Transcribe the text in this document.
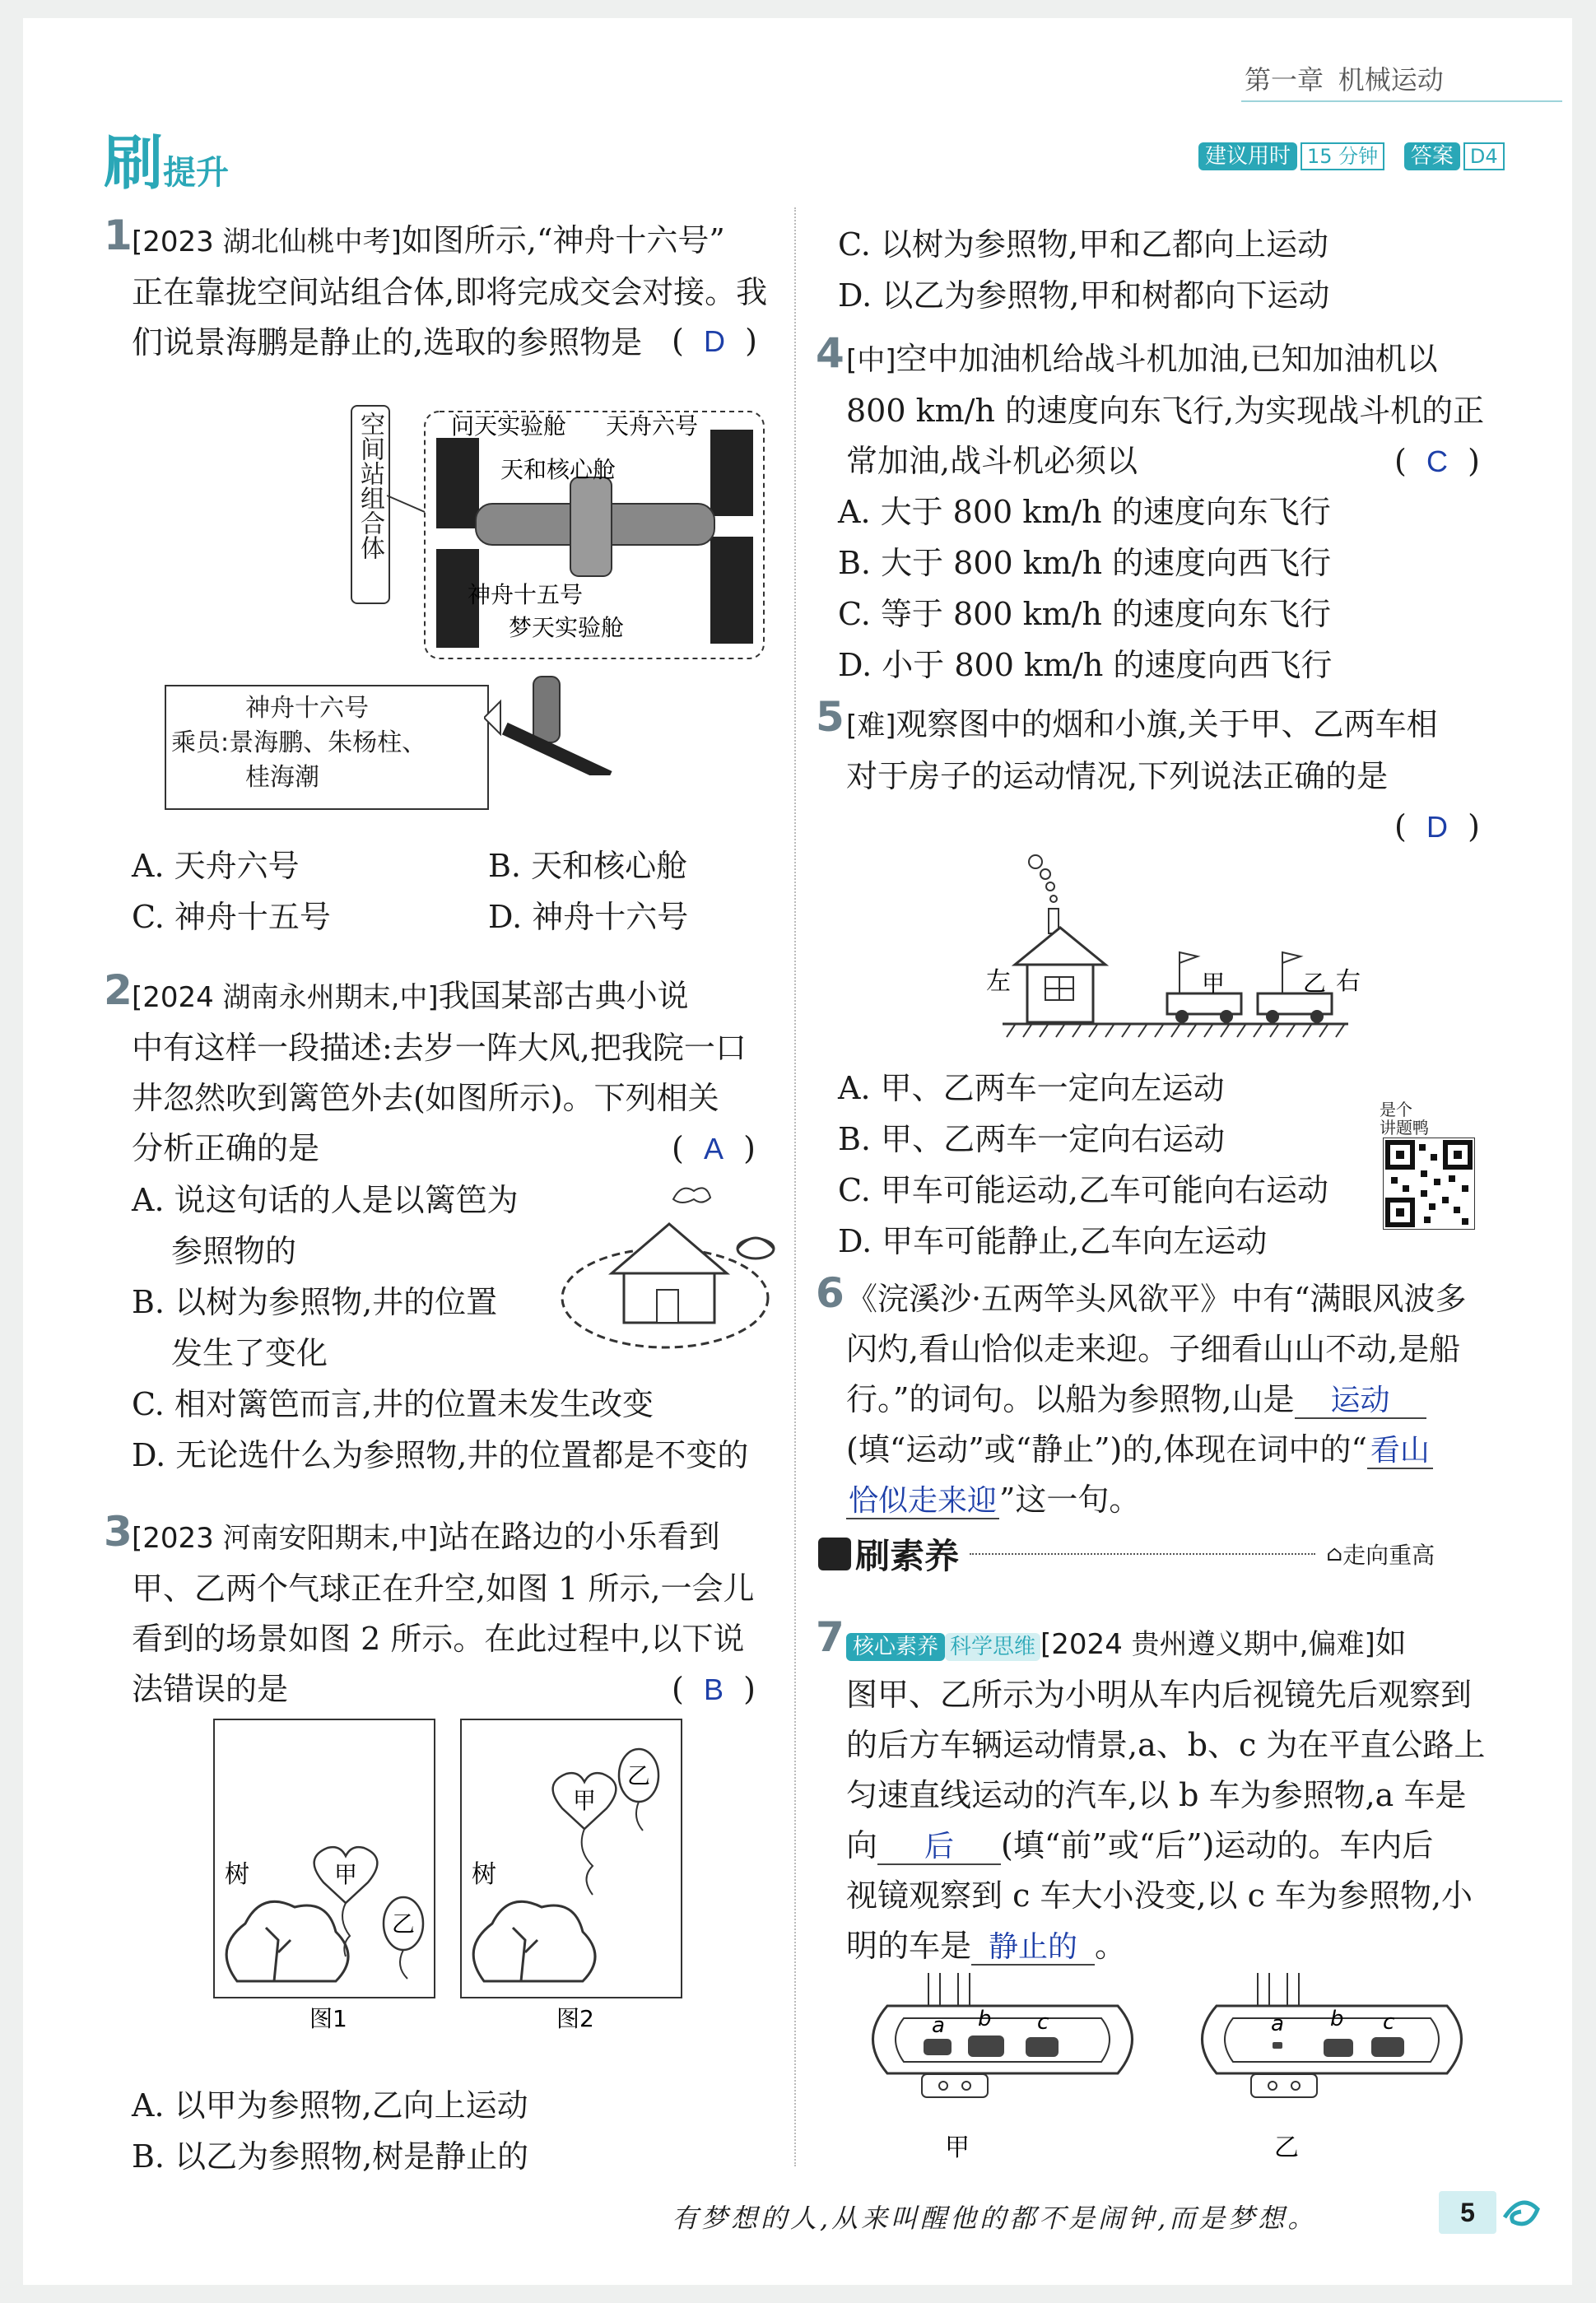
第一章 机械运动
刷提升	建议用时 15 分钟 答案 D4
1 [2023 湖北仙桃中考]如图所示,“神舟十六号”
正在靠拢空间站组合体,即将完成交会对接。我
们说景海鹏是静止的,选取的参照物是 (  D  )
空间站组合体	问天实验舱 天舟六号
天和核心舱
神舟十五号
梦天实验舱
神舟十六号
乘员:景海鹏、朱杨柱、
桂海潮
A. 天舟六号	B. 天和核心舱
C. 神舟十五号	D. 神舟十六号
2 [2024 湖南永州期末,中]我国某部古典小说
中有这样一段描述:去岁一阵大风,把我院一口
井忽然吹到篱笆外去(如图所示)。下列相关
分析正确的是	(  A  )
A. 说这句话的人是以篱笆为
参照物的
B. 以树为参照物,井的位置
发生了变化
C. 相对篱笆而言,井的位置未发生改变
D. 无论选什么为参照物,井的位置都是不变的
3 [2023 河南安阳期末,中]站在路边的小乐看到
甲、乙两个气球正在升空,如图 1 所示,一会儿
看到的场景如图 2 所示。在此过程中,以下说
法错误的是	(  B  )
树	甲
乙
树
甲
乙
图1	图2
A. 以甲为参照物,乙向上运动
B. 以乙为参照物,树是静止的
C. 以树为参照物,甲和乙都向上运动
D. 以乙为参照物,甲和树都向下运动
4 [中]空中加油机给战斗机加油,已知加油机以
800 km/h 的速度向东飞行,为实现战斗机的正
常加油,战斗机必须以	(  C  )
A. 大于 800 km/h 的速度向东飞行
B. 大于 800 km/h 的速度向西飞行
C. 等于 800 km/h 的速度向东飞行
D. 小于 800 km/h 的速度向西飞行
5 [难]观察图中的烟和小旗,关于甲、乙两车相
对于房子的运动情况,下列说法正确的是
(  D  )
左	右
甲	乙
A. 甲、乙两车一定向左运动
B. 甲、乙两车一定向右运动
C. 甲车可能运动,乙车可能向右运动
D. 甲车可能静止,乙车向左运动
是个
讲题鸭
6 《浣溪沙·五两竿头风欲平》中有“满眼风波多
闪灼,看山恰似走来迎。子细看山山不动,是船
行。”的词句。以船为参照物,山是 运动
(填“运动”或“静止”)的,体现在词中的“ 看山
恰似走来迎”这一句。
刷素养	⌂走向重高
7 核心素养 科学思维 [2024 贵州遵义期中,偏难]如
图甲、乙所示为小明从车内后视镜先后观察到
的后方车辆运动情景,a、b、c 为在平直公路上
匀速直线运动的汽车,以 b 车为参照物,a 车是
向 后 (填“前”或“后”)运动的。车内后
视镜观察到 c 车大小没变,以 c 车为参照物,小
明的车是 静止的 。
a b c
甲
a b c
乙
有梦想的人,从来叫醒他的都不是闹钟,而是梦想。	5
